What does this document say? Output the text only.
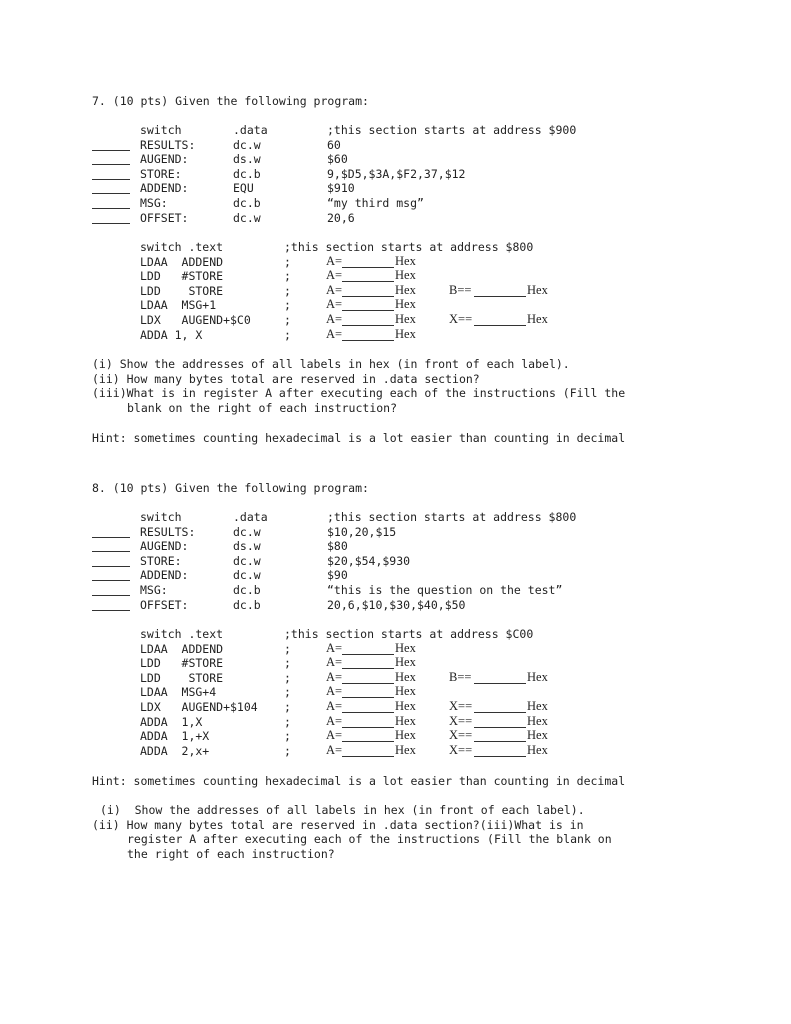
7. (10 pts) Given the following program:
switch	.data	;this section starts at address $900
RESULTS:	dc.w	60
AUGEND:	ds.w	$60
STORE:	dc.b	9,$D5,$3A,$F2,37,$12
ADDEND:	EQU	$910
MSG:	dc.b	“my third msg”
OFFSET:	dc.w	20,6
switch .text	;this section starts at address $800
LDAA  ADDEND	;	A=	Hex
LDD   #STORE	;	A=	Hex
LDD    STORE	;	A=	Hex	B==	Hex
LDAA  MSG+1	;	A=	Hex
LDX   AUGEND+$C0	;	A=	Hex	X==	Hex
ADDA 1, X	;	A=	Hex
(i) Show the addresses of all labels in hex (in front of each label).
(ii) How many bytes total are reserved in .data section?
(iii)What is in register A after executing each of the instructions (Fill the
blank on the right of each instruction?
Hint: sometimes counting hexadecimal is a lot easier than counting in decimal
8. (10 pts) Given the following program:
switch	.data	;this section starts at address $800
RESULTS:	dc.w	$10,20,$15
AUGEND:	ds.w	$80
STORE:	dc.w	$20,$54,$930
ADDEND:	dc.w	$90
MSG:	dc.b	“this is the question on the test”
OFFSET:	dc.b	20,6,$10,$30,$40,$50
switch .text	;this section starts at address $C00
LDAA  ADDEND	;	A=	Hex
LDD   #STORE	;	A=	Hex
LDD    STORE	;	A=	Hex	B==	Hex
LDAA  MSG+4	;	A=	Hex
LDX   AUGEND+$104 ;	A=	Hex	X==	Hex
ADDA  1,X	;	A=	Hex	X==	Hex
ADDA  1,+X	;	A=	Hex	X==	Hex
ADDA  2,x+	;	A=	Hex	X==	Hex
Hint: sometimes counting hexadecimal is a lot easier than counting in decimal
(i)  Show the addresses of all labels in hex (in front of each label).
(ii) How many bytes total are reserved in .data section?(iii)What is in
register A after executing each of the instructions (Fill the blank on
the right of each instruction?
